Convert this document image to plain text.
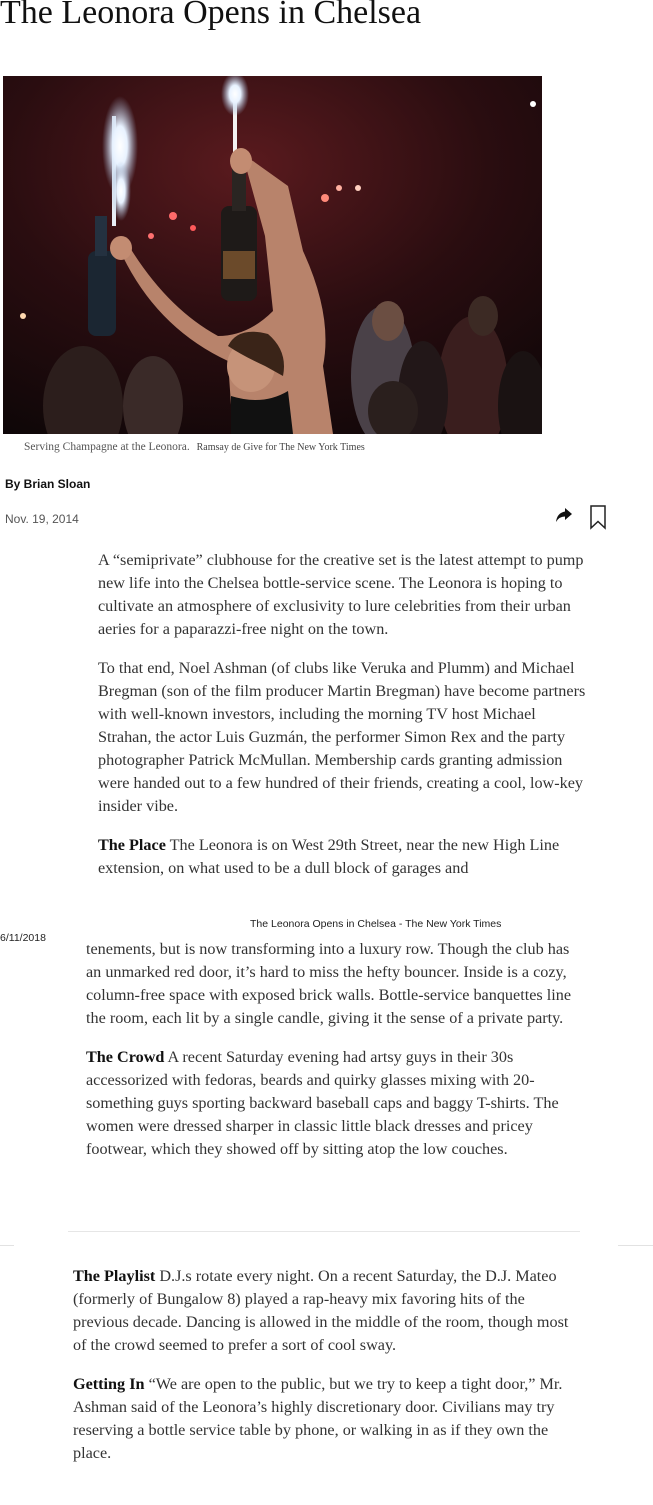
The Leonora Opens in Chelsea
Serving Champagne at the Leonora. Ramsay de Give for The New York Times
By Brian Sloan
Nov. 19, 2014

A “semiprivate” clubhouse for the creative set is the latest attempt to pump new life into the Chelsea bottle-service scene. The Leonora is hoping to cultivate an atmosphere of exclusivity to lure celebrities from their urban aeries for a paparazzi-free night on the town.

To that end, Noel Ashman (of clubs like Veruka and Plumm) and Michael Bregman (son of the film producer Martin Bregman) have become partners with well-known investors, including the morning TV host Michael Strahan, the actor Luis Guzmán, the performer Simon Rex and the party photographer Patrick McMullan. Membership cards granting admission were handed out to a few hundred of their friends, creating a cool, low-key insider vibe.

The Place The Leonora is on West 29th Street, near the new High Line extension, on what used to be a dull block of garages and

The Leonora Opens in Chelsea - The New York Times
6/11/2018

tenements, but is now transforming into a luxury row. Though the club has an unmarked red door, it’s hard to miss the hefty bouncer. Inside is a cozy, column-free space with exposed brick walls. Bottle-service banquettes line the room, each lit by a single candle, giving it the sense of a private party.

The Crowd A recent Saturday evening had artsy guys in their 30s accessorized with fedoras, beards and quirky glasses mixing with 20-something guys sporting backward baseball caps and baggy T-shirts. The women were dressed sharper in classic little black dresses and pricey footwear, which they showed off by sitting atop the low couches.

The Playlist D.J.s rotate every night. On a recent Saturday, the D.J. Mateo (formerly of Bungalow 8) played a rap-heavy mix favoring hits of the previous decade. Dancing is allowed in the middle of the room, though most of the crowd seemed to prefer a sort of cool sway.

Getting In “We are open to the public, but we try to keep a tight door,” Mr. Ashman said of the Leonora’s highly discretionary door. Civilians may try reserving a bottle service table by phone, or walking in as if they own the place.
